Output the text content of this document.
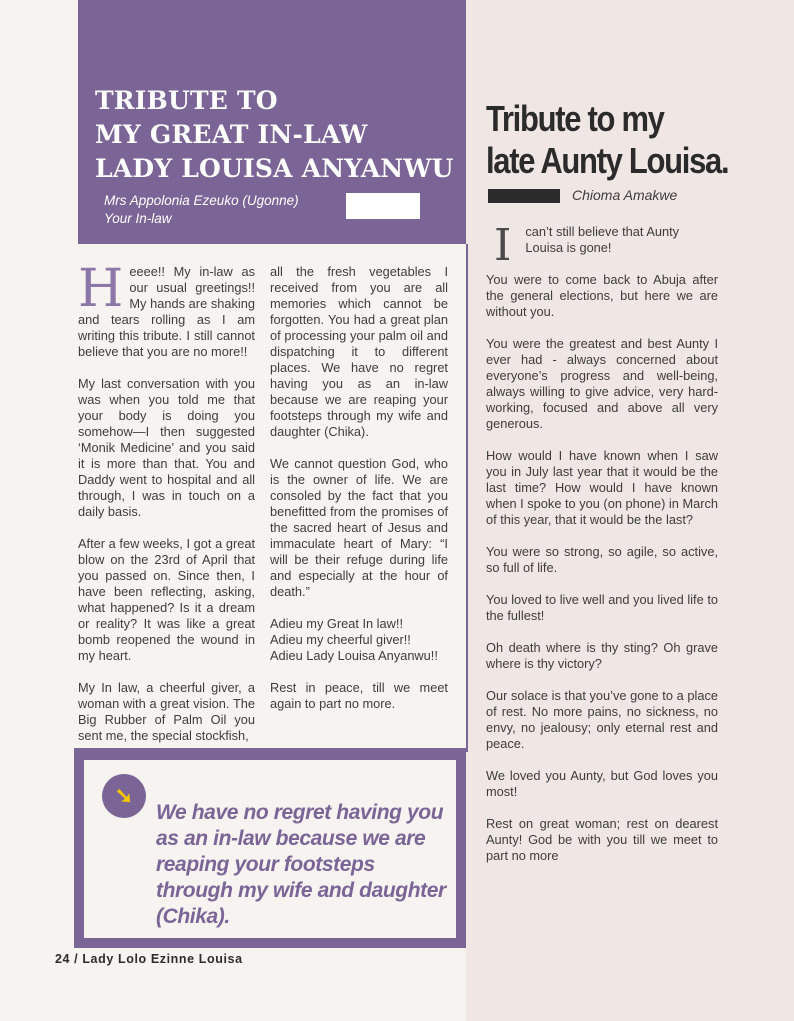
TRIBUTE TO
MY GREAT IN-LAW
LADY LOUISA ANYANWU
Mrs Appolonia Ezeuko (Ugonne)
Your In-law

Heeee!! My in-law as our usual greetings!! My hands are shaking and tears rolling as I am writing this tribute. I still cannot believe that you are no more!!

My last conversation with you was when you told me that your body is doing you somehow—I then suggested ‘Monik Medicine’ and you said it is more than that. You and Daddy went to hospital and all through, I was in touch on a daily basis.

After a few weeks, I got a great blow on the 23rd of April that you passed on. Since then, I have been reflecting, asking, what happened? Is it a dream or reality? It was like a great bomb reopened the wound in my heart.

My In law, a cheerful giver, a woman with a great vision. The Big Rubber of Palm Oil you sent me, the special stockfish,

all the fresh vegetables I received from you are all memories which cannot be forgotten. You had a great plan of processing your palm oil and dispatching it to different places. We have no regret having you as an in-law because we are reaping your footsteps through my wife and daughter (Chika).

We cannot question God, who is the owner of life. We are consoled by the fact that you benefitted from the promises of the sacred heart of Jesus and immaculate heart of Mary: “I will be their refuge during life and especially at the hour of death.”

Adieu my Great In law!!
Adieu my cheerful giver!!
Adieu Lady Louisa Anyanwu!!

Rest in peace, till we meet again to part no more.

➘
We have no regret having you as an in-law because we are reaping your footsteps through my wife and daughter (Chika).
24 / Lady Lolo Ezinne Louisa
Tribute to my
late Aunty Louisa.
Chioma Amakwe

I can’t still believe that Aunty Louisa is gone!

You were to come back to Abuja after the general elections, but here we are without you.

You were the greatest and best Aunty I ever had - always concerned about everyone’s progress and well-being, always willing to give advice, very hard-working, focused and above all very generous.

How would I have known when I saw you in July last year that it would be the last time? How would I have known when I spoke to you (on phone) in March of this year, that it would be the last?

You were so strong, so agile, so active, so full of life.

You loved to live well and you lived life to the fullest!

Oh death where is thy sting? Oh grave where is thy victory?

Our solace is that you’ve gone to a place of rest. No more pains, no sickness, no envy, no jealousy; only eternal rest and peace.

We loved you Aunty, but God loves you most!

Rest on great woman; rest on dearest Aunty! God be with you till we meet to part no more
